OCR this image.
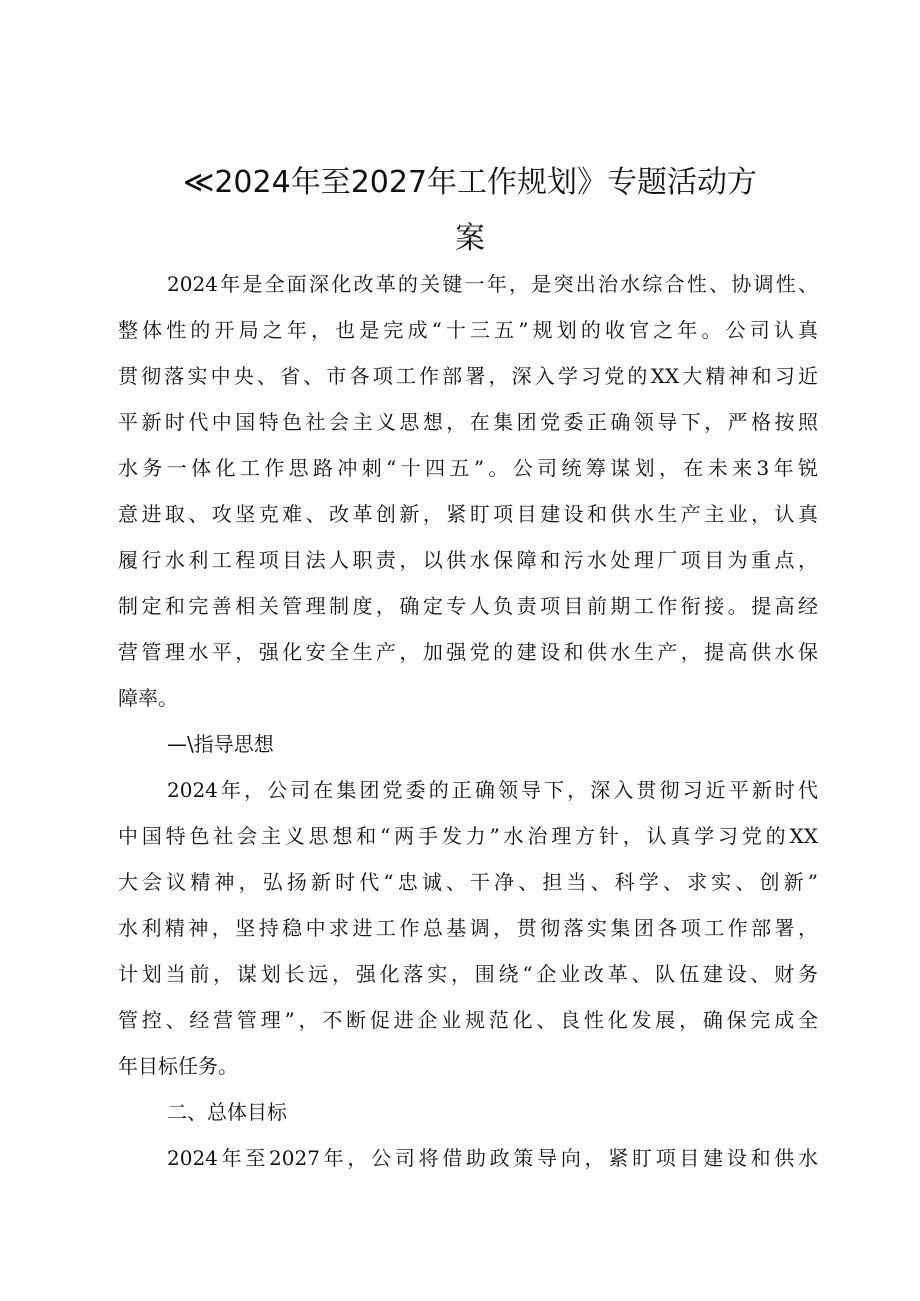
≪2024年至2027年工作规划》专题活动方
案
2024年是全面深化改革的关键一年，是突出治水综合性、协调性、
整体性的开局之年，也是完成“十三五”规划的收官之年。公司认真
贯彻落实中央、省、市各项工作部署，深入学习党的XX大精神和习近
平新时代中国特色社会主义思想，在集团党委正确领导下，严格按照
水务一体化工作思路冲刺“十四五”。公司统筹谋划，在未来3年锐
意进取、攻坚克难、改革创新，紧盯项目建设和供水生产主业，认真
履行水利工程项目法人职责，以供水保障和污水处理厂项目为重点，
制定和完善相关管理制度，确定专人负责项目前期工作衔接。提高经
营管理水平，强化安全生产，加强党的建设和供水生产，提高供水保
障率。
—\指导思想
2024年，公司在集团党委的正确领导下，深入贯彻习近平新时代
中国特色社会主义思想和“两手发力”水治理方针，认真学习党的XX
大会议精神，弘扬新时代“忠诚、干净、担当、科学、求实、创新”
水利精神，坚持稳中求进工作总基调，贯彻落实集团各项工作部署，
计划当前，谋划长远，强化落实，围绕“企业改革、队伍建设、财务
管控、经营管理”，不断促进企业规范化、良性化发展，确保完成全
年目标任务。
二、总体目标
2024年至2027年，公司将借助政策导向，紧盯项目建设和供水
